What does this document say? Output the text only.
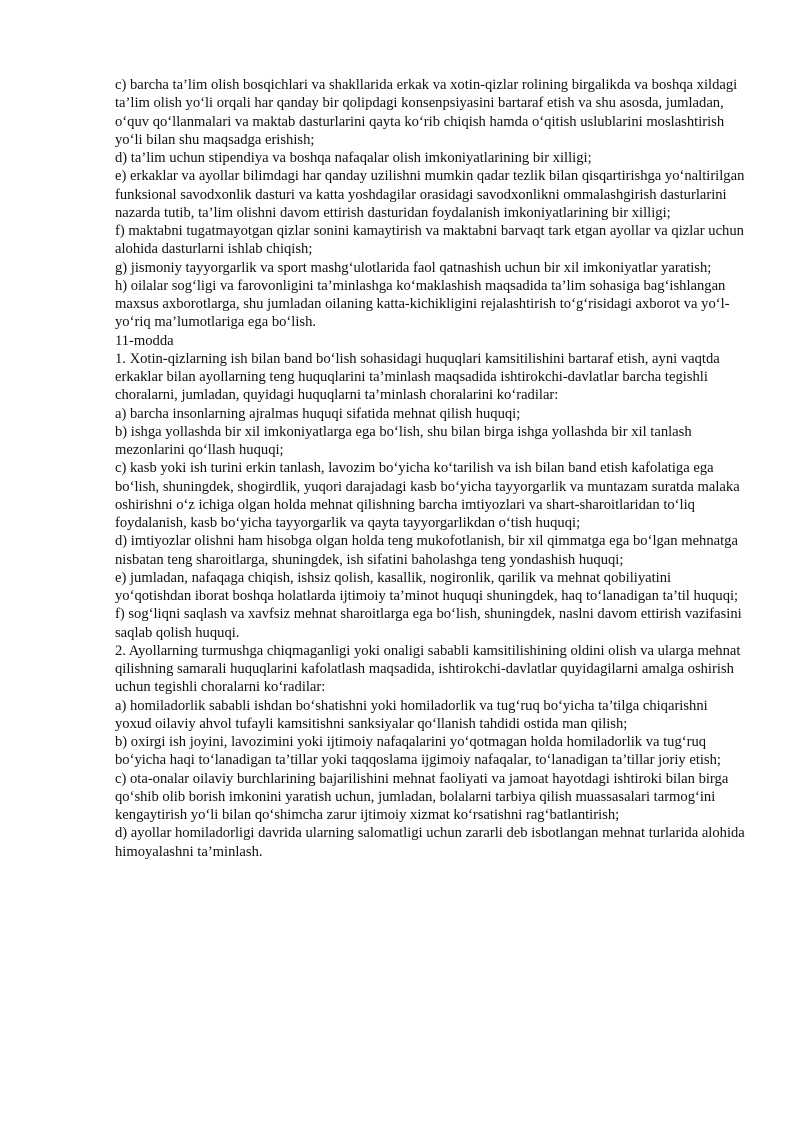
c) barcha ta’lim olish bosqichlari va shakllarida erkak va xotin-qizlar rolining birgalikda va boshqa xildagi ta’lim olish yo‘li orqali har qanday bir qolipdagi konsenpsiyasini bartaraf etish va shu asosda, jumladan, o‘quv qo‘llanmalari va maktab dasturlarini qayta ko‘rib chiqish hamda o‘qitish uslublarini moslashtirish yo‘li bilan shu maqsadga erishish;

d) ta’lim uchun stipendiya va boshqa nafaqalar olish imkoniyatlarining bir xilligi;

e) erkaklar va ayollar bilimdagi har qanday uzilishni mumkin qadar tezlik bilan qisqartirishga yo‘naltirilgan funksional savodxonlik dasturi va katta yoshdagilar orasidagi savodxonlikni ommalashgirish dasturlarini nazarda tutib, ta’lim olishni davom ettirish dasturidan foydalanish imkoniyatlarining bir xilligi;

f) maktabni tugatmayotgan qizlar sonini kamaytirish va maktabni barvaqt tark etgan ayollar va qizlar uchun alohida dasturlarni ishlab chiqish;

g) jismoniy tayyorgarlik va sport mashg‘ulotlarida faol qatnashish uchun bir xil imkoniyatlar yaratish;

h) oilalar sog‘ligi va farovonligini ta’minlashga ko‘maklashish maqsadida ta’lim sohasiga bag‘ishlangan maxsus axborotlarga, shu jumladan oilaning katta-kichikligini rejalashtirish to‘g‘risidagi axborot va yo‘l-yo‘riq ma’lumotlariga ega bo‘lish.

11-modda

1. Xotin-qizlarning ish bilan band bo‘lish sohasidagi huquqlari kamsitilishini bartaraf etish, ayni vaqtda erkaklar bilan ayollarning teng huquqlarini ta’minlash maqsadida ishtirokchi-davlatlar barcha tegishli choralarni, jumladan, quyidagi huquqlarni ta’minlash choralarini ko‘radilar:

a) barcha insonlarning ajralmas huquqi sifatida mehnat qilish huquqi;

b) ishga yollashda bir xil imkoniyatlarga ega bo‘lish, shu bilan birga ishga yollashda bir xil tanlash mezonlarini qo‘llash huquqi;

c) kasb yoki ish turini erkin tanlash, lavozim bo‘yicha ko‘tarilish va ish bilan band etish kafolatiga ega bo‘lish, shuningdek, shogirdlik, yuqori darajadagi kasb bo‘yicha tayyorgarlik va muntazam suratda malaka oshirishni o‘z ichiga olgan holda mehnat qilishning barcha imtiyozlari va shart-sharoitlaridan to‘liq foydalanish, kasb bo‘yicha tayyorgarlik va qayta tayyorgarlikdan o‘tish huquqi;

d) imtiyozlar olishni ham hisobga olgan holda teng mukofotlanish, bir xil qimmatga ega bo‘lgan mehnatga nisbatan teng sharoitlarga, shuningdek, ish sifatini baholashga teng yondashish huquqi;

e) jumladan, nafaqaga chiqish, ishsiz qolish, kasallik, nogironlik, qarilik va mehnat qobiliyatini yo‘qotishdan iborat boshqa holatlarda ijtimoiy ta’minot huquqi shuningdek, haq to‘lanadigan ta’til huquqi;

f) sog‘liqni saqlash va xavfsiz mehnat sharoitlarga ega bo‘lish, shuningdek, naslni davom ettirish vazifasini saqlab qolish huquqi.

2. Ayollarning turmushga chiqmaganligi yoki onaligi sababli kamsitilishining oldini olish va ularga mehnat qilishning samarali huquqlarini kafolatlash maqsadida, ishtirokchi-davlatlar quyidagilarni amalga oshirish uchun tegishli choralarni ko‘radilar:

a) homiladorlik sababli ishdan bo‘shatishni yoki homiladorlik va tug‘ruq bo‘yicha ta’tilga chiqarishni yoxud oilaviy ahvol tufayli kamsitishni sanksiyalar qo‘llanish tahdidi ostida man qilish;

b) oxirgi ish joyini, lavozimini yoki ijtimoiy nafaqalarini yo‘qotmagan holda homiladorlik va tug‘ruq bo‘yicha haqi to‘lanadigan ta’tillar yoki taqqoslama ijgimoiy nafaqalar, to‘lanadigan ta’tillar joriy etish;

c) ota-onalar oilaviy burchlarining bajarilishini mehnat faoliyati va jamoat hayotdagi ishtiroki bilan birga qo‘shib olib borish imkonini yaratish uchun, jumladan, bolalarni tarbiya qilish muassasalari tarmog‘ini kengaytirish yo‘li bilan qo‘shimcha zarur ijtimoiy xizmat ko‘rsatishni rag‘batlantirish;

d) ayollar homiladorligi davrida ularning salomatligi uchun zararli deb isbotlangan mehnat turlarida alohida himoyalashni ta’minlash.
